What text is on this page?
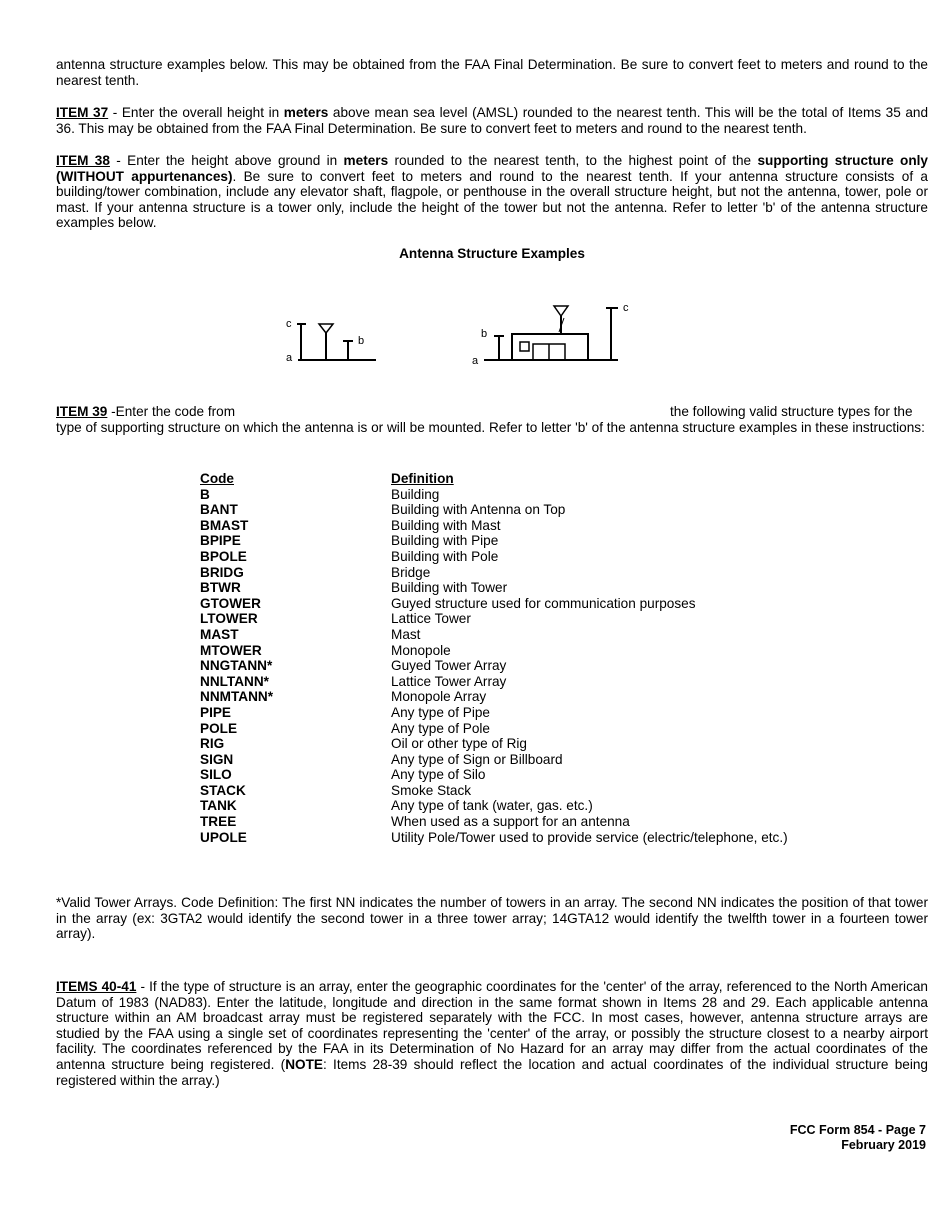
antenna structure examples below. This may be obtained from the FAA Final Determination. Be sure to convert feet to meters and round to the nearest tenth.

ITEM 37 - Enter the overall height in meters above mean sea level (AMSL) rounded to the nearest tenth. This will be the total of Items 35 and 36. This may be obtained from the FAA Final Determination. Be sure to convert feet to meters and round to the nearest tenth.

ITEM 38 - Enter the height above ground in meters rounded to the nearest tenth, to the highest point of the supporting structure only (WITHOUT appurtenances). Be sure to convert feet to meters and round to the nearest tenth. If your antenna structure consists of a building/tower combination, include any elevator shaft, flagpole, or penthouse in the overall structure height, but not the antenna, tower, pole or mast. If your antenna structure is a tower only, include the height of the tower but not the antenna. Refer to letter 'b' of the antenna structure examples below.

Antenna Structure Examples
c
a
b
b
a
c
ITEM 39 -Enter the code from	the following valid structure types for the

type of supporting structure on which the antenna is or will be mounted. Refer to letter 'b' of the antenna structure examples in these instructions:

Code	Definition
B	Building
BANT	Building with Antenna on Top
BMAST	Building with Mast
BPIPE	Building with Pipe
BPOLE	Building with Pole
BRIDG	Bridge
BTWR	Building with Tower
GTOWER	Guyed structure used for communication purposes
LTOWER	Lattice Tower
MAST	Mast
MTOWER	Monopole
NNGTANN*	Guyed Tower Array
NNLTANN*	Lattice Tower Array
NNMTANN*	Monopole Array
PIPE	Any type of Pipe
POLE	Any type of Pole
RIG	Oil or other type of Rig
SIGN	Any type of Sign or Billboard
SILO	Any type of Silo
STACK	Smoke Stack
TANK	Any type of tank (water, gas. etc.)
TREE	When used as a support for an antenna
UPOLE	Utility Pole/Tower used to provide service (electric/telephone, etc.)

*Valid Tower Arrays. Code Definition: The first NN indicates the number of towers in an array. The second NN indicates the position of that tower in the array (ex: 3GTA2 would identify the second tower in a three tower array; 14GTA12 would identify the twelfth tower in a fourteen tower array).

ITEMS 40-41 - If the type of structure is an array, enter the geographic coordinates for the 'center' of the array, referenced to the North American Datum of 1983 (NAD83). Enter the latitude, longitude and direction in the same format shown in Items 28 and 29. Each applicable antenna structure within an AM broadcast array must be registered separately with the FCC. In most cases, however, antenna structure arrays are studied by the FAA using a single set of coordinates representing the 'center' of the array, or possibly the structure closest to a nearby airport facility. The coordinates referenced by the FAA in its Determination of No Hazard for an array may differ from the actual coordinates of the antenna structure being registered. (NOTE: Items 28-39 should reflect the location and actual coordinates of the individual structure being registered within the array.)

FCC Form 854 - Page 7
February 2019
